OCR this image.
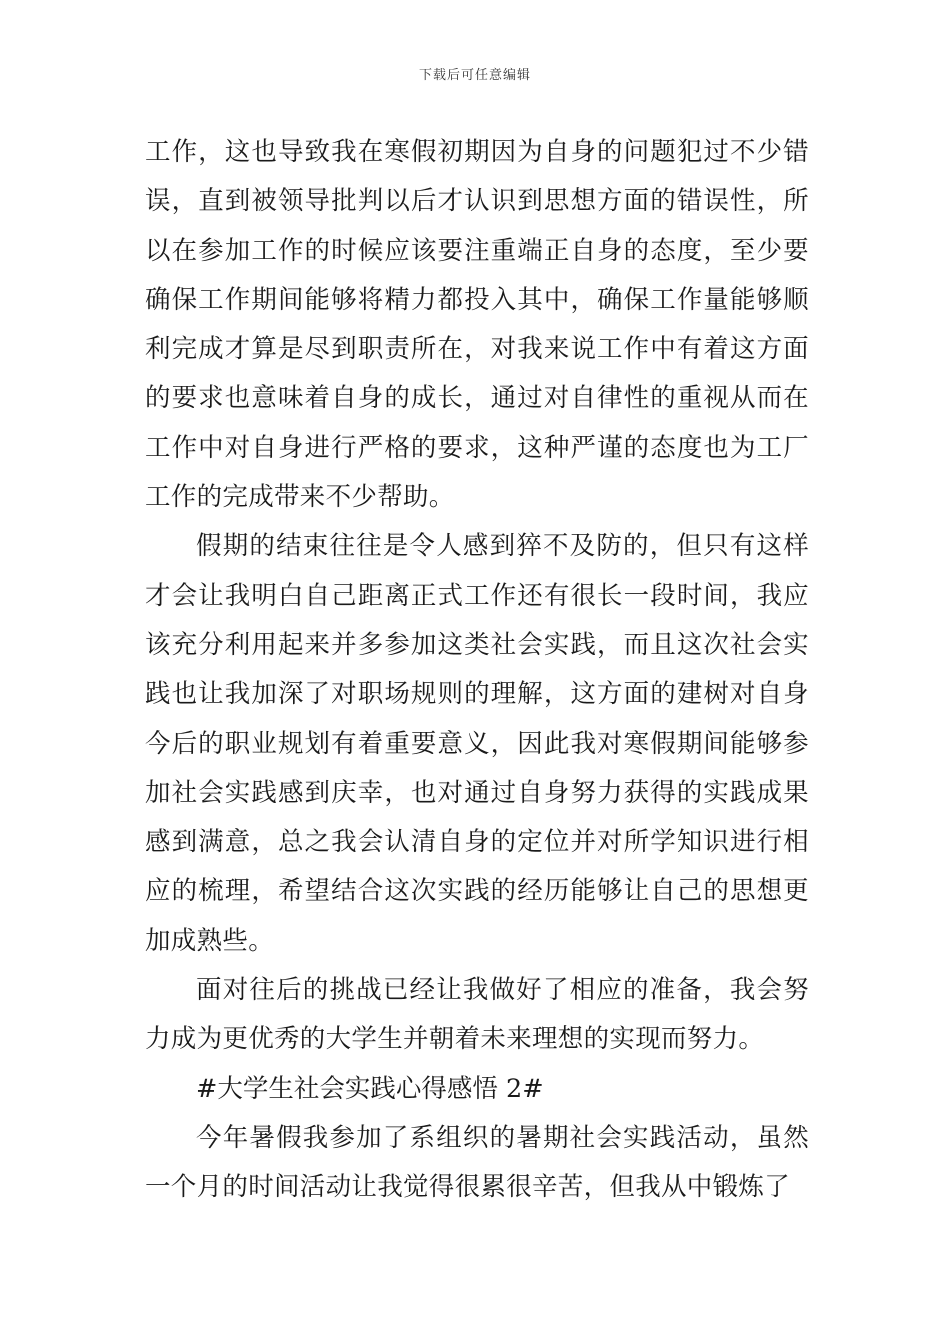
下载后可任意编辑

工作，这也导致我在寒假初期因为自身的问题犯过不少错误，直到被领导批判以后才认识到思想方面的错误性，所以在参加工作的时候应该要注重端正自身的态度，至少要确保工作期间能够将精力都投入其中，确保工作量能够顺利完成才算是尽到职责所在，对我来说工作中有着这方面的要求也意味着自身的成长，通过对自律性的重视从而在工作中对自身进行严格的要求，这种严谨的态度也为工厂工作的完成带来不少帮助。

假期的结束往往是令人感到猝不及防的，但只有这样才会让我明白自己距离正式工作还有很长一段时间，我应该充分利用起来并多参加这类社会实践，而且这次社会实践也让我加深了对职场规则的理解，这方面的建树对自身今后的职业规划有着重要意义，因此我对寒假期间能够参加社会实践感到庆幸，也对通过自身努力获得的实践成果感到满意，总之我会认清自身的定位并对所学知识进行相应的梳理，希望结合这次实践的经历能够让自己的思想更加成熟些。

面对往后的挑战已经让我做好了相应的准备，我会努力成为更优秀的大学生并朝着未来理想的实现而努力。

#大学生社会实践心得感悟 2#

今年暑假我参加了系组织的暑期社会实践活动，虽然一个月的时间活动让我觉得很累很辛苦，但我从中锻炼了
